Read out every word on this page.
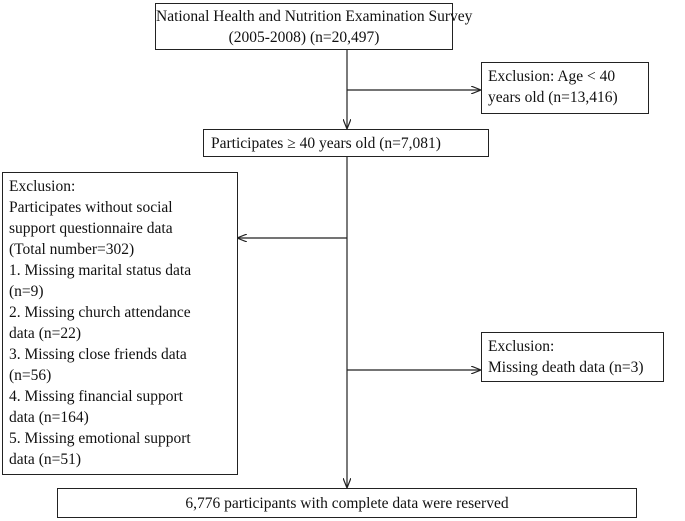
National Health and Nutrition Examination Survey
(2005-2008) (n=20,497)
Exclusion: Age < 40
years old (n=13,416)
Participates ≥ 40 years old (n=7,081)
Exclusion:
Participates without social
support questionnaire data
(Total number=302)
1. Missing marital status data
(n=9)
2. Missing church attendance
data (n=22)
3. Missing close friends data
(n=56)
4. Missing financial support
data (n=164)
5. Missing emotional support
data (n=51)
Exclusion:
Missing death data (n=3)
6,776 participants with complete data were reserved
